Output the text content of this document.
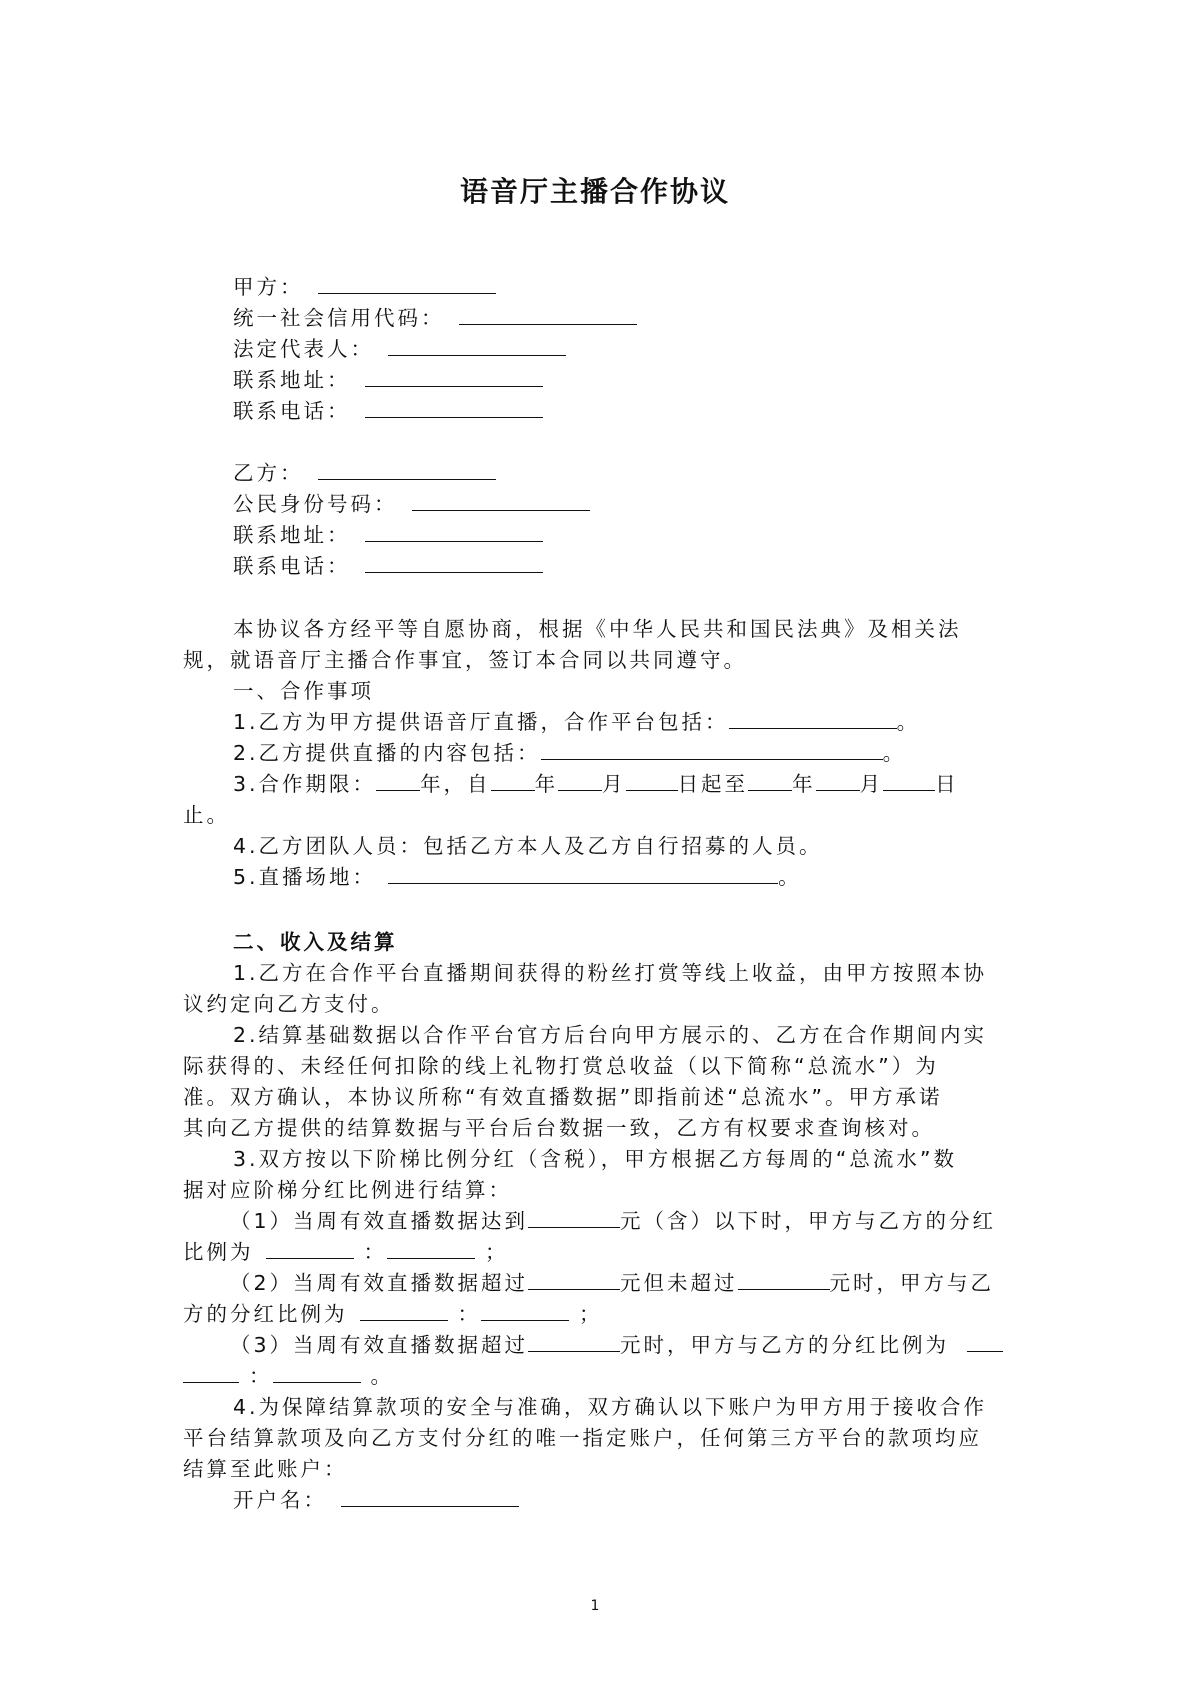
语音厅主播合作协议
甲方：
统一社会信用代码：
法定代表人：
联系地址：
联系电话：
乙方：
公民身份号码：
联系地址：
联系电话：
本协议各方经平等自愿协商，根据《中华人民共和国民法典》及相关法
规，就语音厅主播合作事宜，签订本合同以共同遵守。
一、合作事项
1.乙方为甲方提供语音厅直播，合作平台包括：	。
2.乙方提供直播的内容包括：	。
3.合作期限： 年，自 年 月	日起至 年 月	日
止。
4.乙方团队人员：包括乙方本人及乙方自行招募的人员。
5.直播场地：	。
二、收入及结算
1.乙方在合作平台直播期间获得的粉丝打赏等线上收益，由甲方按照本协
议约定向乙方支付。
2.结算基础数据以合作平台官方后台向甲方展示的、乙方在合作期间内实
际获得的、未经任何扣除的线上礼物打赏总收益（以下简称“总流水”）为
准。双方确认，本协议所称“有效直播数据”即指前述“总流水”。甲方承诺
其向乙方提供的结算数据与平台后台数据一致，乙方有权要求查询核对。
3.双方按以下阶梯比例分红（含税），甲方根据乙方每周的“总流水”数
据对应阶梯分红比例进行结算：
（1）当周有效直播数据达到	元（含）以下时，甲方与乙方的分红
比例为	：	；
（2）当周有效直播数据超过	元但未超过	元时，甲方与乙
方的分红比例为	：	；
（3）当周有效直播数据超过	元时，甲方与乙方的分红比例为
：	。
4.为保障结算款项的安全与准确，双方确认以下账户为甲方用于接收合作
平台结算款项及向乙方支付分红的唯一指定账户，任何第三方平台的款项均应
结算至此账户：
开户名：
1
